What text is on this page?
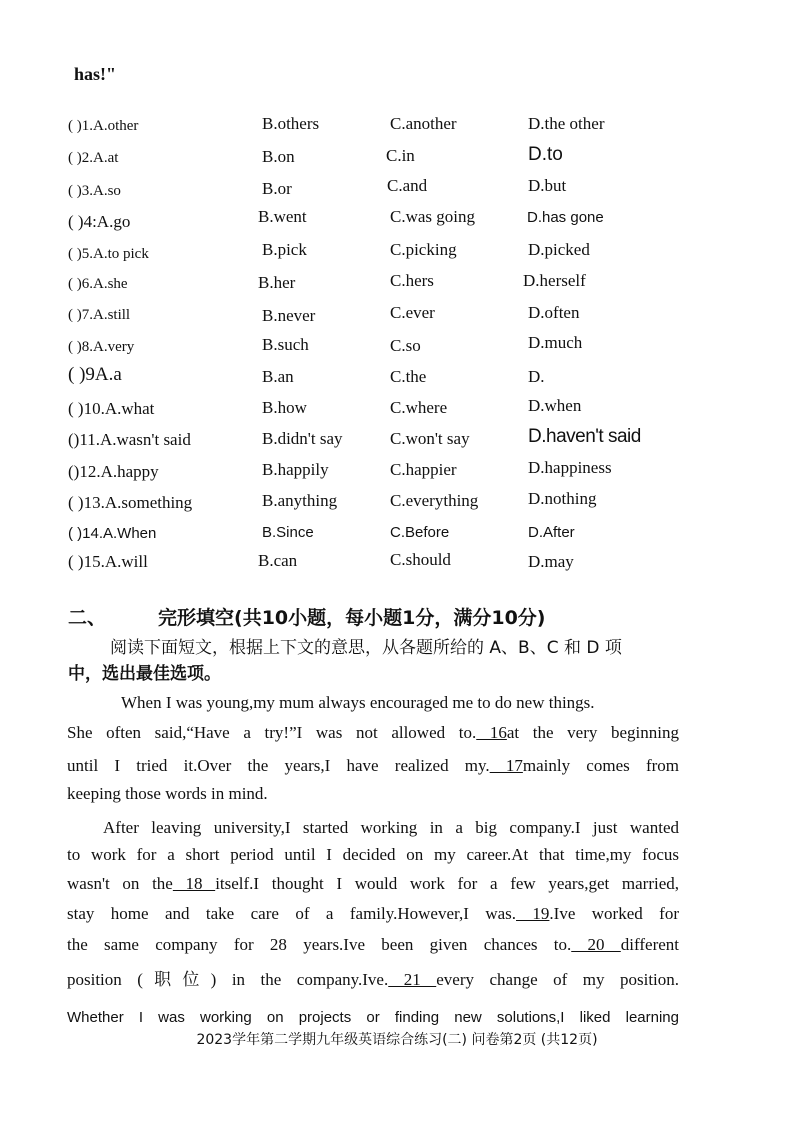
has!"
( )1.A.other	B.others	C.another	D.the other
( )2.A.at	B.on	C.in	D.to
( )3.A.so	B.or	C.and	D.but
( )4:A.go	B.went	C.was going	D.has gone
( )5.A.to pick	B.pick	C.picking	D.picked
( )6.A.she	B.her	C.hers	D.herself
( )7.A.still	B.never	C.ever	D.often
( )8.A.very	B.such	C.so	D.much
( )9A.a	B.an	C.the	D.
( )10.A.what	B.how	C.where	D.when
()11.A.wasn't said	B.didn't say	C.won't say	D.haven't said
()12.A.happy	B.happily	C.happier	D.happiness
( )13.A.something	B.anything	C.everything	D.nothing
( )14.A.When	B.Since	C.Before	D.After
( )15.A.will	B.can	C.should	D.may
二、	完形填空(共10小题，每小题1分，满分10分)
阅读下面短文，根据上下文的意思，从各题所给的 A、B、C 和 D 项
中，选出最佳选项。
When I was young,my mum always encouraged me to do new things.
She often said,“Have a try!”I was not allowed to. 16at the very beginning
until I tried it.Over the years,I have realized my. 17mainly comes from
keeping those words in mind.
After leaving university,I started working in a big company.I just wanted
to work for a short period until I decided on my career.At that time,my focus
wasn't on the 18 itself.I thought I would work for a few years,get married,
stay home and take care of a family.However,I was. 19.Ive worked for
the same company for 28 years.Ive been given chances to. 20 different
position (职位) in the company.Ive. 21 every change of my position.
Whether I was working on projects or finding new solutions,I liked learning
2023学年第二学期九年级英语综合练习(二) 问卷第2页 (共12页)
